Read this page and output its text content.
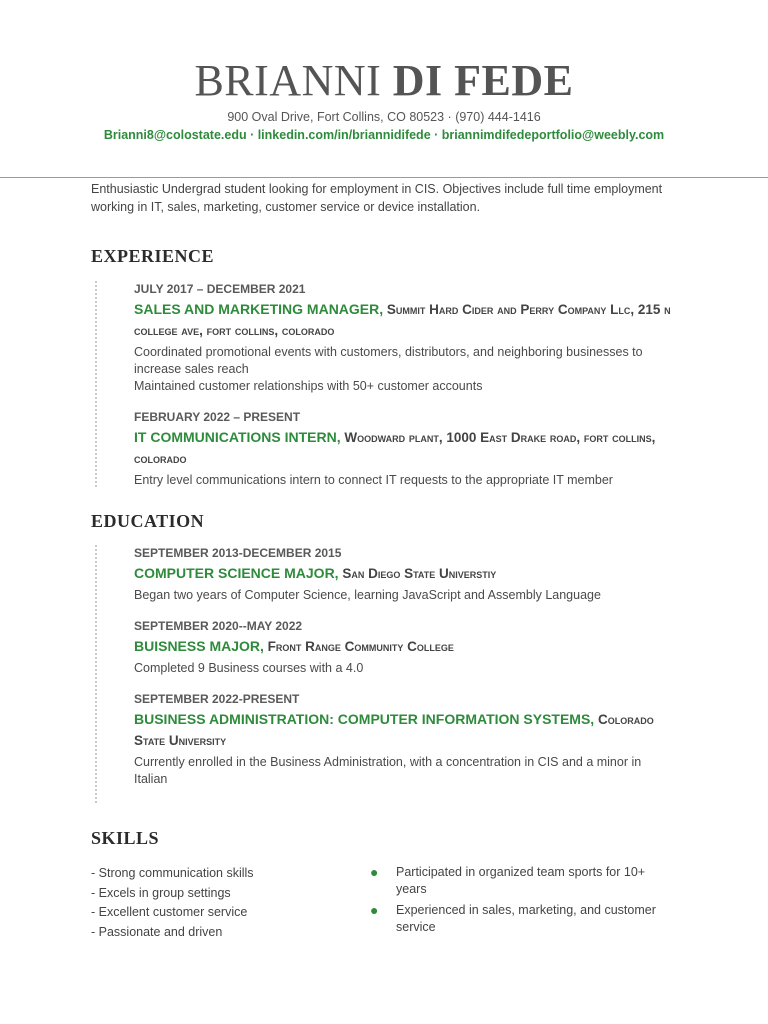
BRIANNI DI FEDE
900 Oval Drive, Fort Collins, CO 80523 · (970) 444-1416
Brianni8@colostate.edu · linkedin.com/in/briannidifede · briannimdifedeportfolio@weebly.com
Enthusiastic Undergrad student looking for employment in CIS. Objectives include full time employment working in IT, sales, marketing, customer service or device installation.
EXPERIENCE
JULY 2017 – DECEMBER 2021
SALES AND MARKETING MANAGER, Summit Hard Cider and Perry Company Llc, 215 n college ave, fort collins, colorado
Coordinated promotional events with customers, distributors, and neighboring businesses to increase sales reach
Maintained customer relationships with 50+ customer accounts
FEBRUARY 2022 – PRESENT
IT COMMUNICATIONS INTERN, Woodward plant, 1000 East Drake road, fort collins, colorado
Entry level communications intern to connect IT requests to the appropriate IT member
EDUCATION
SEPTEMBER 2013-DECEMBER 2015
COMPUTER SCIENCE MAJOR, San Diego State Universtiy
Began two years of Computer Science, learning JavaScript and Assembly Language
SEPTEMBER 2020--MAY 2022
BUISNESS MAJOR, Front Range Community College
Completed 9 Business courses with a 4.0
SEPTEMBER 2022-PRESENT
BUSINESS ADMINISTRATION: COMPUTER INFORMATION SYSTEMS, Colorado State University
Currently enrolled in the Business Administration, with a concentration in CIS and a minor in Italian
SKILLS
- Strong communication skills
- Excels in group settings
- Excellent customer service
- Passionate and driven
● Participated in organized team sports for 10+ years
● Experienced in sales, marketing, and customer service
